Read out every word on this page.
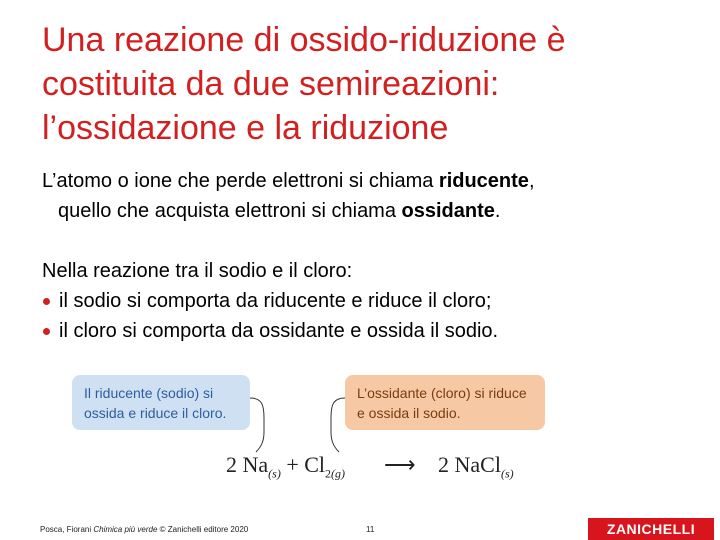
Una reazione di ossido-riduzione è
costituita da due semireazioni:
l’ossidazione e la riduzione
L’atomo o ione che perde elettroni si chiama riducente,
quello che acquista elettroni si chiama ossidante.
Nella reazione tra il sodio e il cloro:
il sodio si comporta da riducente e riduce il cloro;
il cloro si comporta da ossidante e ossida il sodio.
Il riducente (sodio) si
ossida e riduce il cloro.
L’ossidante (cloro) si riduce
e ossida il sodio.
2 $Na_{(s)} + Cl_{2(g)}$ ⟶ 2 NaCl$_{(s)}$
Posca, Fiorani Chimica più verde © Zanichelli editore 2020	11	ZANICHELLI
